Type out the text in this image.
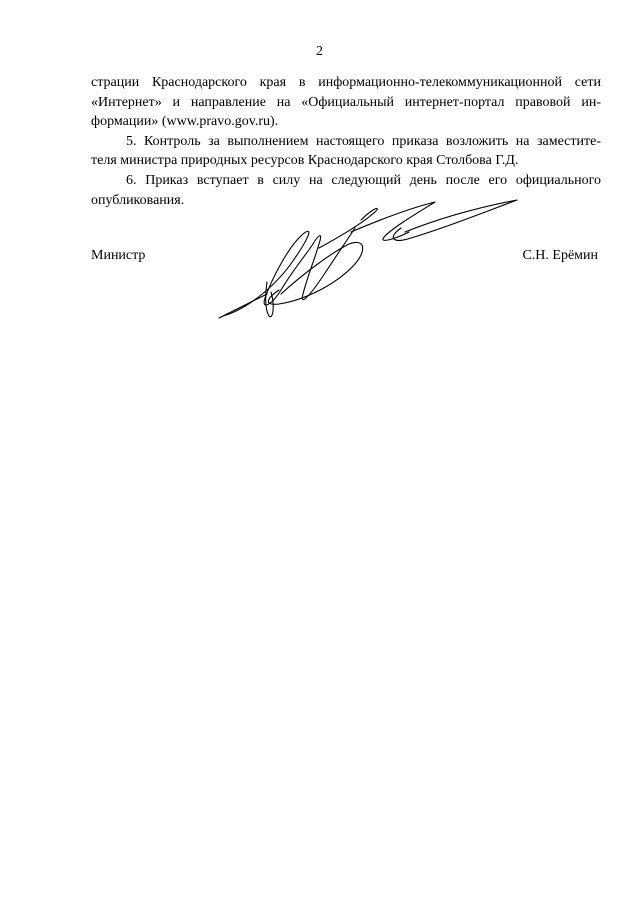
2
страции Краснодарского края в информационно-телекоммуникационной сети
«Интернет» и направление на «Официальный интернет-портал правовой ин-
формации» (www.pravo.gov.ru).
5. Контроль за выполнением настоящего приказа возложить на заместите-
теля министра природных ресурсов Краснодарского края Столбова Г.Д.
6. Приказ вступает в силу на следующий день после его официального
опубликования.
Министр	С.Н. Ерёмин
